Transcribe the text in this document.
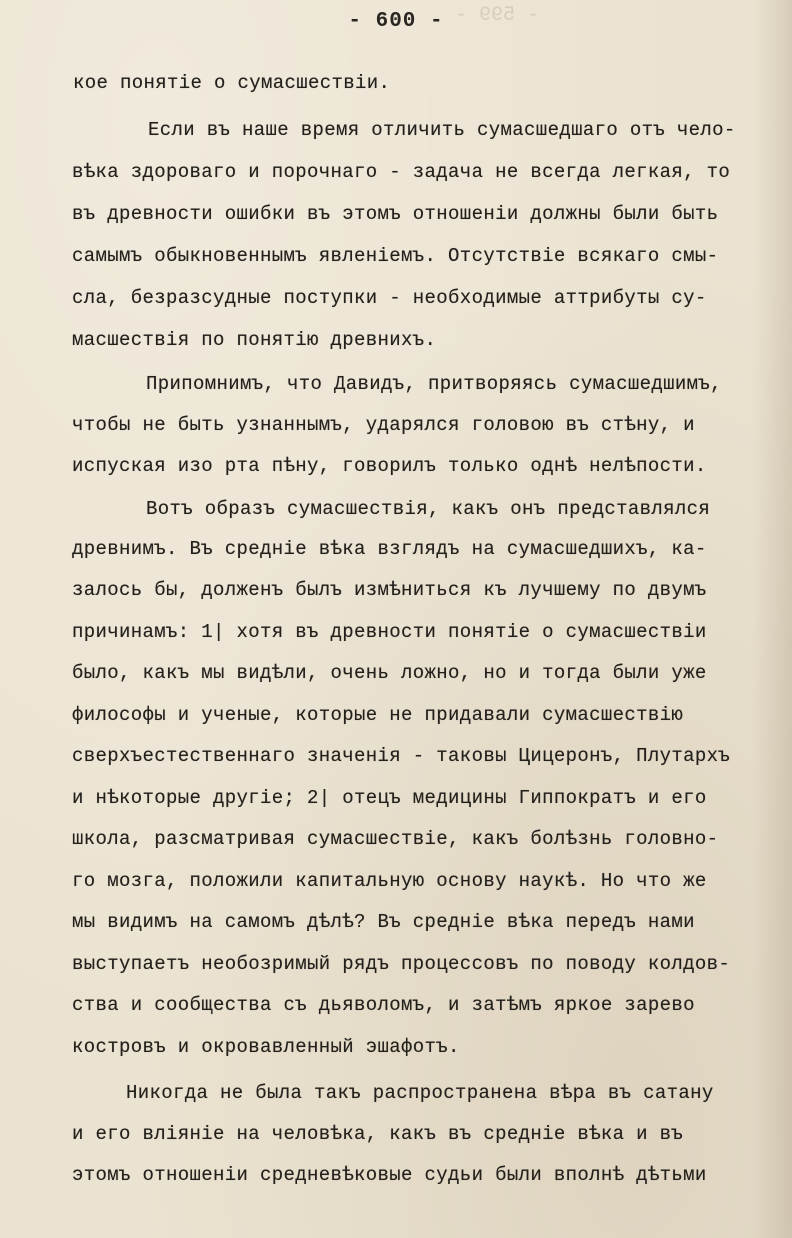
- 599 -
- 600 -
кое понятiе о сумасшествiи.
Если въ наше время отличить сумасшедшаго отъ чело-
вѣка здороваго и порочнаго - задача не всегда легкая, то
въ древности ошибки въ этомъ отношенiи должны были быть
самымъ обыкновеннымъ явленiемъ. Отсутствiе всякаго смы-
сла, безразсудные поступки - необходимые аттрибуты су-
масшествiя по понятiю древнихъ.
Припомнимъ, что Давидъ, притворяясь сумасшедшимъ,
чтобы не быть узнаннымъ, ударялся головою въ стѣну, и
испуская изо рта пѣну, говорилъ только однѣ нелѣпости.
Вотъ образъ сумасшествiя, какъ онъ представлялся
древнимъ. Въ среднiе вѣка взглядъ на сумасшедшихъ, ка-
залось бы, долженъ былъ измѣниться къ лучшему по двумъ
причинамъ: 1| хотя въ древности понятiе о сумасшествiи
было, какъ мы видѣли, очень ложно, но и тогда были уже
философы и ученые, которые не придавали сумасшествiю
сверхъестественнаго значенiя - таковы Цицеронъ, Плутархъ
и нѣкоторые другiе; 2| отецъ медицины Гиппократъ и его
школа, разсматривая сумасшествiе, какъ болѣзнь головно-
го мозга, положили капитальную основу наукѣ. Но что же
мы видимъ на самомъ дѣлѣ? Въ среднiе вѣка передъ нами
выступаетъ необозримый рядъ процессовъ по поводу колдов-
ства и сообщества съ дьяволомъ, и затѣмъ яркое зарево
костровъ и окровавленный эшафотъ.
Никогда не была такъ распространена вѣра въ сатану
и его влiянiе на человѣка, какъ въ среднiе вѣка и въ
этомъ отношенiи средневѣковые судьи были вполнѣ дѣтьми
